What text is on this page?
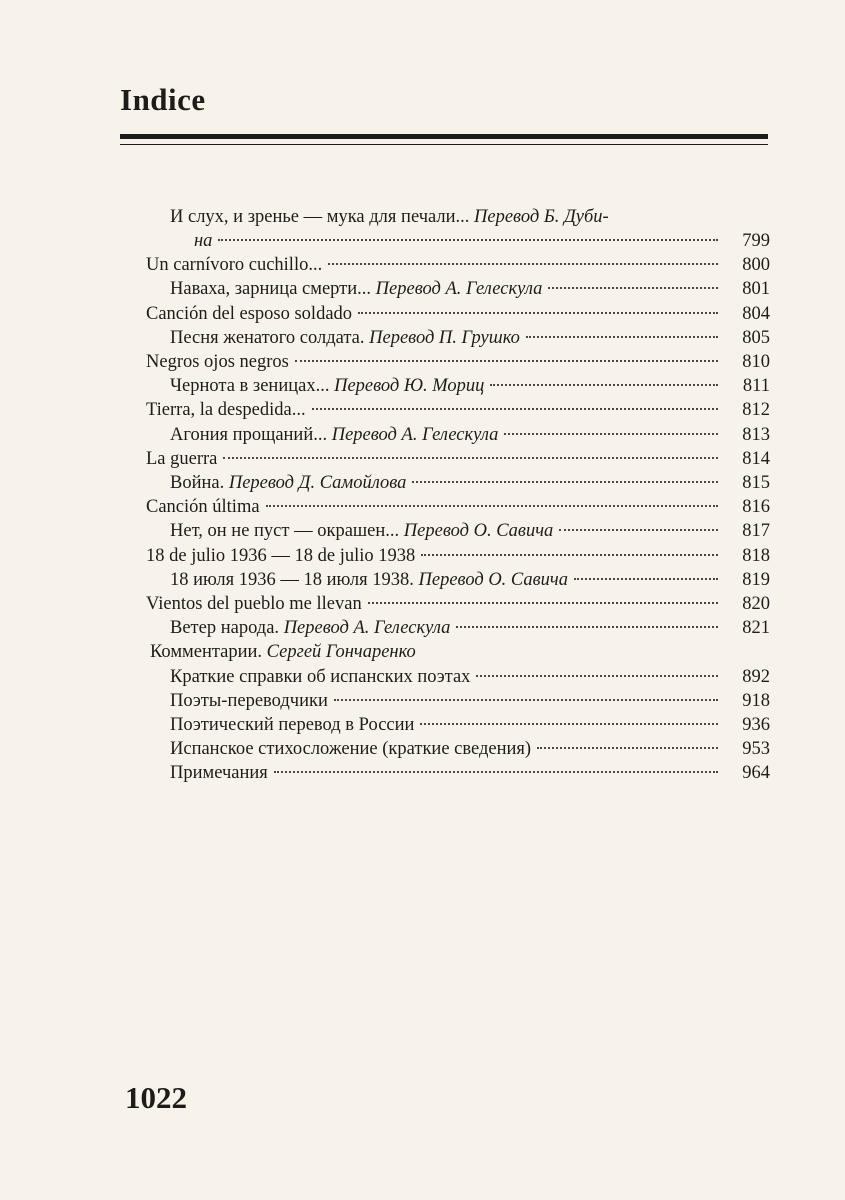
Indice
И слух, и зренье — мука для печали... Перевод Б. Дуби-
на	799
Un carnívoro cuchillo...	800
Наваха, зарница смерти... Перевод А. Гелескула	801
Canción del esposo soldado	804
Песня женатого солдата. Перевод П. Грушко	805
Negros ojos negros	810
Чернота в зеницах... Перевод Ю. Мориц	811
Tierra, la despedida...	812
Агония прощаний... Перевод А. Гелескула	813
La guerra	814
Война. Перевод Д. Самойлова	815
Canción última	816
Нет, он не пуст — окрашен... Перевод О. Савича	817
18 de julio 1936 — 18 de julio 1938	818
18 июля 1936 — 18 июля 1938. Перевод О. Савича	819
Vientos del pueblo me llevan	820
Ветер народа. Перевод А. Гелескула	821
Комментарии. Сергей Гончаренко
Краткие справки об испанских поэтах	892
Поэты-переводчики	918
Поэтический перевод в России	936
Испанское стихосложение (краткие сведения)	953
Примечания	964
1022
